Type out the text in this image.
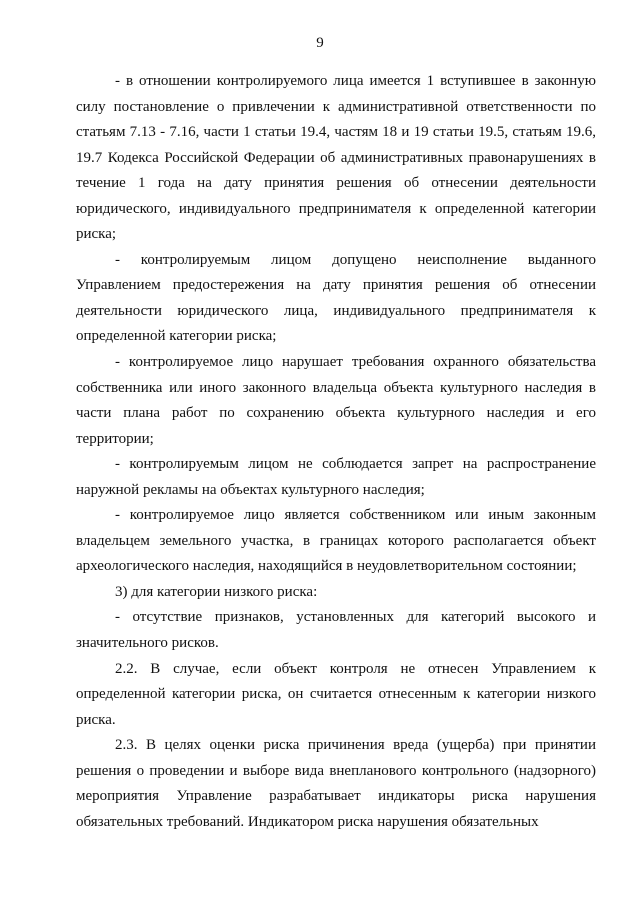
9

- в отношении контролируемого лица имеется 1 вступившее в законную силу постановление о привлечении к административной ответственности по статьям 7.13 - 7.16, части 1 статьи 19.4, частям 18 и 19 статьи 19.5, статьям 19.6, 19.7 Кодекса Российской Федерации об административных правонарушениях в течение 1 года на дату принятия решения об отнесении деятельности юридического, индивидуального предпринимателя к определенной категории риска;

- контролируемым лицом допущено неисполнение выданного Управлением предостережения на дату принятия решения об отнесении деятельности юридического лица, индивидуального предпринимателя к определенной категории риска;

- контролируемое лицо нарушает требования охранного обязательства собственника или иного законного владельца объекта культурного наследия в части плана работ по сохранению объекта культурного наследия и его территории;

- контролируемым лицом не соблюдается запрет на распространение наружной рекламы на объектах культурного наследия;

- контролируемое лицо является собственником или иным законным владельцем земельного участка, в границах которого располагается объект археологического наследия, находящийся в неудовлетворительном состоянии;

3) для категории низкого риска:

- отсутствие признаков, установленных для категорий высокого и значительного рисков.

2.2. В случае, если объект контроля не отнесен Управлением к определенной категории риска, он считается отнесенным к категории низкого риска.

2.3. В целях оценки риска причинения вреда (ущерба) при принятии решения о проведении и выборе вида внепланового контрольного (надзорного) мероприятия Управление разрабатывает индикаторы риска нарушения обязательных требований. Индикатором риска нарушения обязательных
